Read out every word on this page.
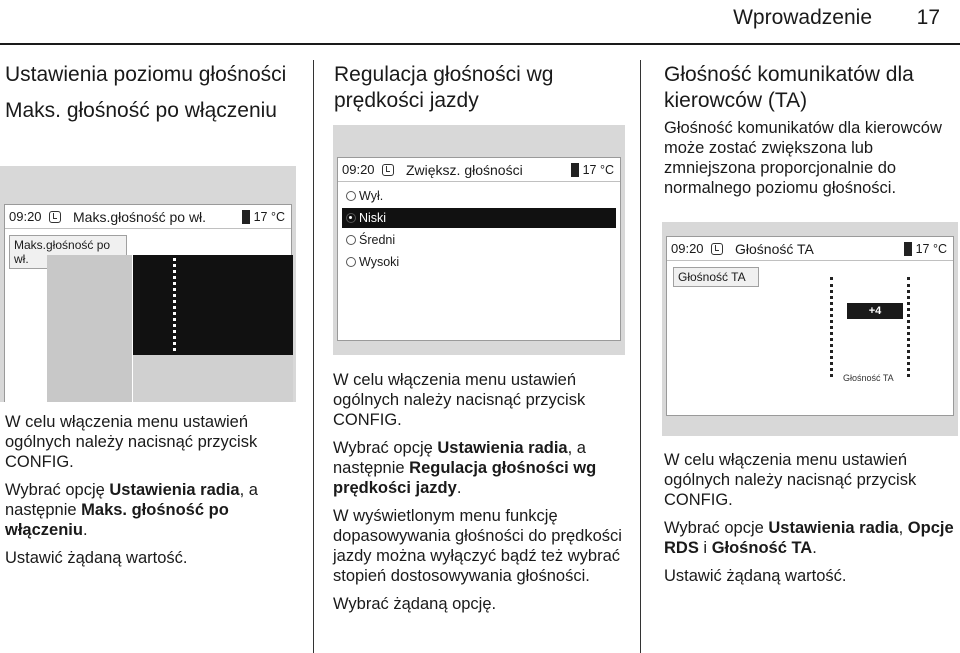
Wprowadzenie 17
Ustawienia poziomu głośności
Maks. głośność po włączeniu
09:20	Maks.głośność po wł.	17 °C
Maks.głośność po wł.

W celu włączenia menu ustawień ogólnych należy nacisnąć przycisk CONFIG.

Wybrać opcję Ustawienia radia, a następnie Maks. głośność po włączeniu.

Ustawić żądaną wartość.

Regulacja głośności wg prędkości jazdy
09:20	Zwiększ. głośności	17 °C
Wył.
Niski
Średni
Wysoki

W celu włączenia menu ustawień ogólnych należy nacisnąć przycisk CONFIG.

Wybrać opcję Ustawienia radia, a następnie Regulacja głośności wg prędkości jazdy.

W wyświetlonym menu funkcję dopasowywania głośności do prędkości jazdy można wyłączyć bądź też wybrać stopień dostosowywania głośności.

Wybrać żądaną opcję.

Głośność komunikatów dla kierowców (TA)

Głośność komunikatów dla kierowców może zostać zwiększona lub zmniejszona proporcjonalnie do normalnego poziomu głośności.

09:20	Głośność TA	17 °C
Głośność TA
+4
Głośność TA

W celu włączenia menu ustawień ogólnych należy nacisnąć przycisk CONFIG.

Wybrać opcje Ustawienia radia, Opcje RDS i Głośność TA.

Ustawić żądaną wartość.
